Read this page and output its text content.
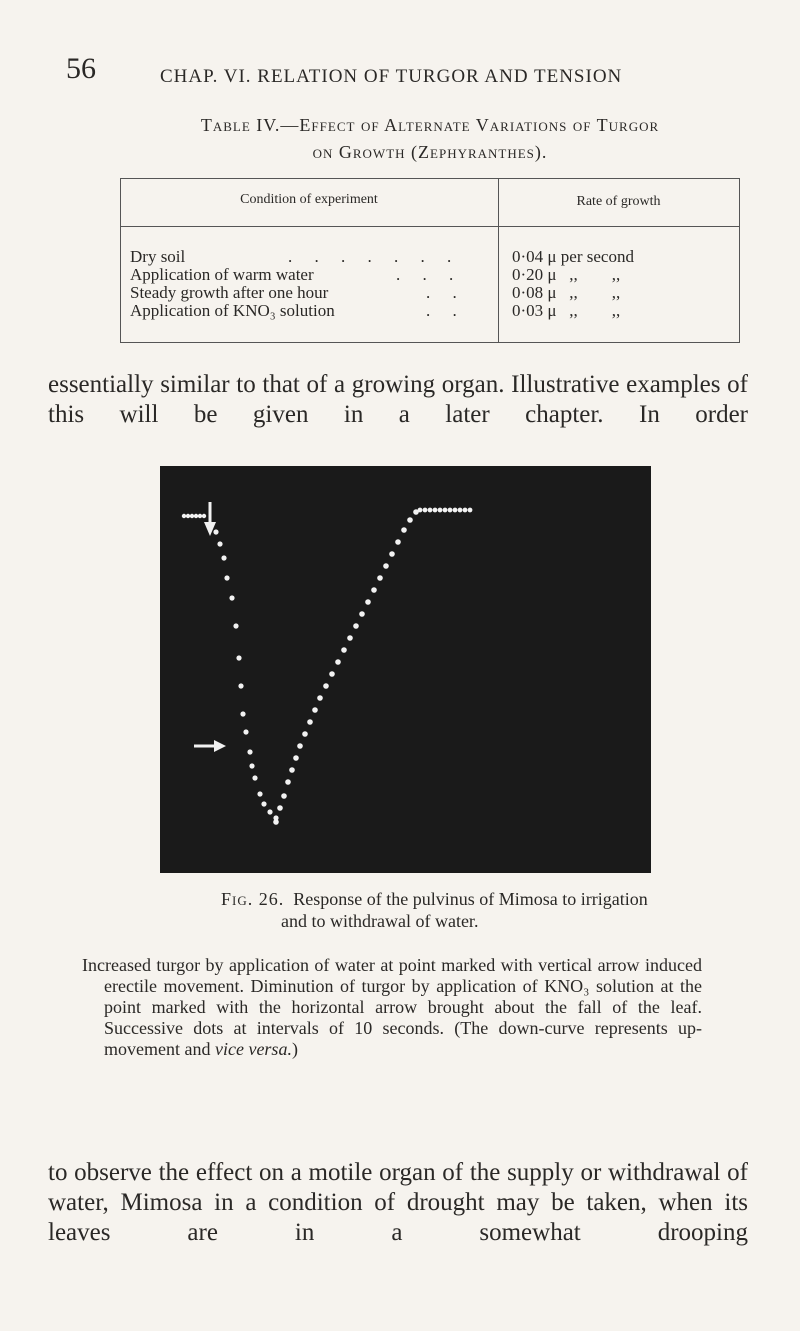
56	CHAP. VI. RELATION OF TURGOR AND TENSION
Table IV.—Effect of Alternate Variations of Turgor
on Growth (Zephyranthes).
Condition of experiment	Rate of growth
Dry soil	. . . . . . .	0·04 μ per second
Application of warm water	. . .	0·20 μ   ,,        ,,
Steady growth after one hour	. .	0·08 μ   ,,        ,,
Application of KNO₃ solution	. .	0·03 μ   ,,        ,,
essentially similar to that of a growing organ. Illustrative examples of this will be given in a later chapter. In order
Fig. 26. Response of the pulvinus of Mimosa to irrigation
and to withdrawal of water.

Increased turgor by application of water at point marked with vertical arrow induced erectile movement. Diminution of turgor by application of KNO₃ solution at the point marked with the horizontal arrow brought about the fall of the leaf. Successive dots at intervals of 10 seconds. (The down-curve represents up-movement and vice versa.)

to observe the effect on a motile organ of the supply or withdrawal of water, Mimosa in a condition of drought may be taken, when its leaves are in a somewhat drooping
